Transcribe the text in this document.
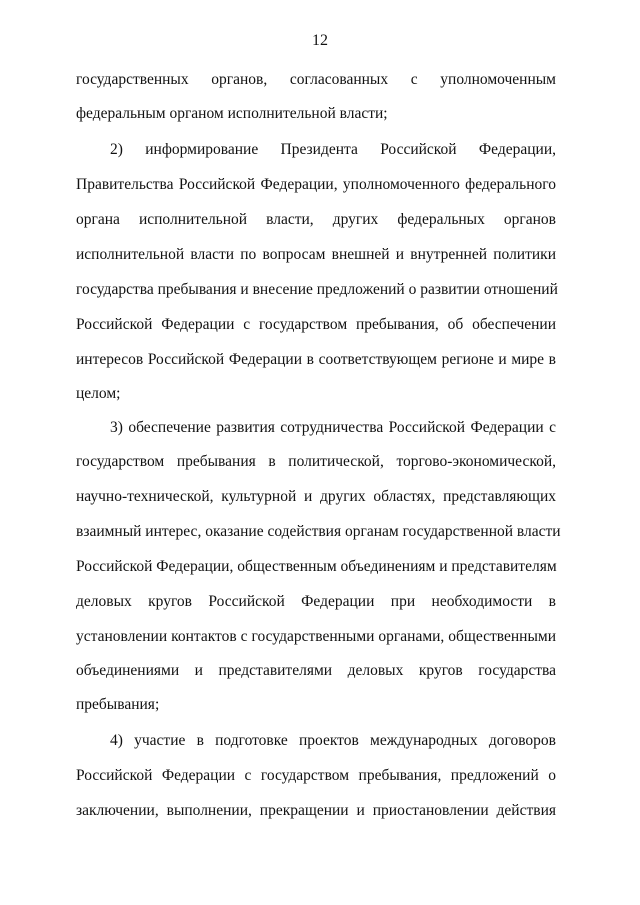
12
государственных органов, согласованных с уполномоченным
федеральным органом исполнительной власти;
2) информирование Президента Российской Федерации,
Правительства Российской Федерации, уполномоченного федерального
органа исполнительной власти, других федеральных органов
исполнительной власти по вопросам внешней и внутренней политики
государства пребывания и внесение предложений о развитии отношений
Российской Федерации с государством пребывания, об обеспечении
интересов Российской Федерации в соответствующем регионе и мире в
целом;
3) обеспечение развития сотрудничества Российской Федерации с
государством пребывания в политической, торгово-экономической,
научно-технической, культурной и других областях, представляющих
взаимный интерес, оказание содействия органам государственной власти
Российской Федерации, общественным объединениям и представителям
деловых кругов Российской Федерации при необходимости в
установлении контактов с государственными органами, общественными
объединениями и представителями деловых кругов государства
пребывания;
4) участие в подготовке проектов международных договоров
Российской Федерации с государством пребывания, предложений о
заключении, выполнении, прекращении и приостановлении действия
